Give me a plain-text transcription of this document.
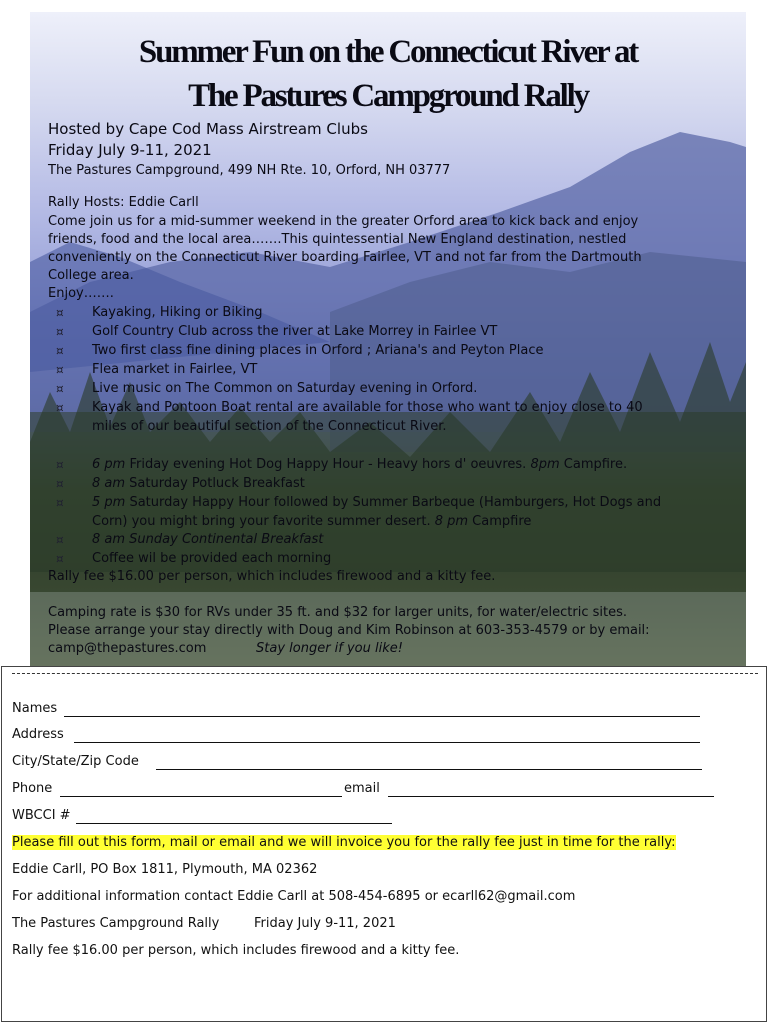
Summer Fun on the Connecticut River at
The Pastures Campground Rally
Hosted by Cape Cod Mass Airstream Clubs
Friday July 9-11, 2021
The Pastures Campground, 499 NH Rte. 10, Orford, NH 03777
Rally Hosts: Eddie Carll
Come join us for a mid-summer weekend in the greater Orford area to kick back and enjoy
friends, food and the local area…….This quintessential New England destination, nestled
conveniently on the Connecticut River boarding Fairlee, VT and not far from the Dartmouth
College area.
Enjoy…….
¤ Kayaking, Hiking or Biking
¤ Golf Country Club across the river at Lake Morrey in Fairlee VT
¤ Two first class fine dining places in Orford ; Ariana's and Peyton Place
¤ Flea market in Fairlee, VT
¤ Live music on The Common on Saturday evening in Orford.
¤ Kayak and Pontoon Boat rental are available for those who want to enjoy close to 40
miles of our beautiful section of the Connecticut River.
¤ 6 pm Friday evening Hot Dog Happy Hour - Heavy hors d' oeuvres. 8pm Campfire.
¤ 8 am Saturday Potluck Breakfast
¤ 5 pm Saturday Happy Hour followed by Summer Barbeque (Hamburgers, Hot Dogs and
Corn) you might bring your favorite summer desert. 8 pm Campfire
¤ 8 am Sunday Continental Breakfast
¤ Coffee wil be provided each morning
Rally fee $16.00 per person, which includes firewood and a kitty fee.
Camping rate is $30 for RVs under 35 ft. and $32 for larger units, for water/electric sites.
Please arrange your stay directly with Doug and Kim Robinson at 603-353-4579 or by email:
camp@thepastures.com	Stay longer if you like!
Names
Address
City/State/Zip Code
Phone	email
WBCCI #
Please fill out this form, mail or email and we will invoice you for the rally fee just in time for the rally:
Eddie Carll, PO Box 1811, Plymouth, MA 02362
For additional information contact Eddie Carll at 508-454-6895 or ecarll62@gmail.com
The Pastures Campground Rally	Friday July 9-11, 2021
Rally fee $16.00 per person, which includes firewood and a kitty fee.
